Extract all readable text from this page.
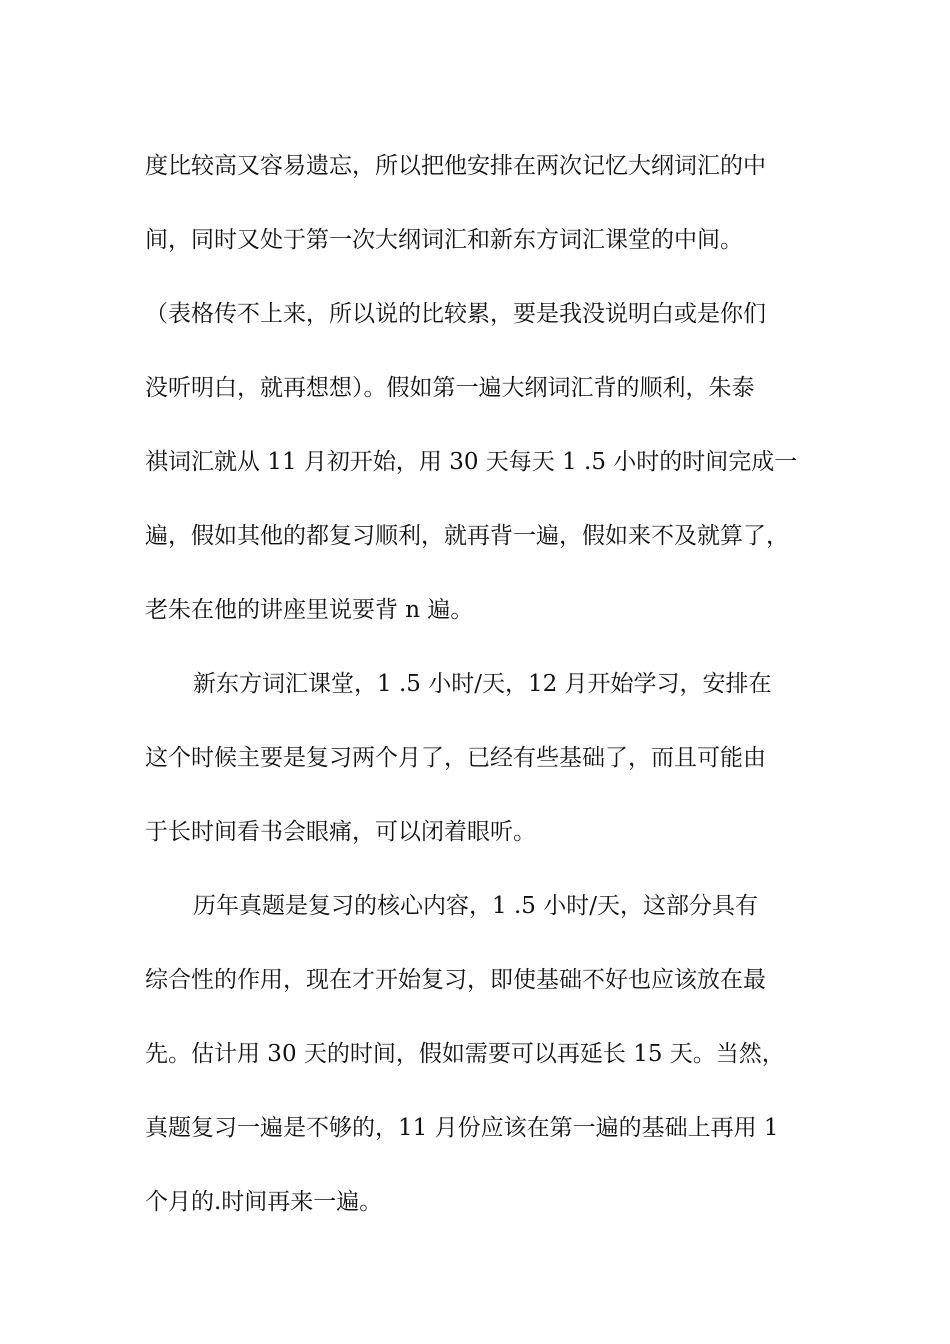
度比较高又容易遗忘，所以把他安排在两次记忆大纲词汇的中
间，同时又处于第一次大纲词汇和新东方词汇课堂的中间。
（表格传不上来，所以说的比较累，要是我没说明白或是你们
没听明白，就再想想）。假如第一遍大纲词汇背的顺利，朱泰
祺词汇就从 11 月初开始，用 30 天每天 1 .5 小时的时间完成一
遍，假如其他的都复习顺利，就再背一遍，假如来不及就算了，
老朱在他的讲座里说要背 n 遍。
新东方词汇课堂，1 .5 小时/天，12 月开始学习，安排在
这个时候主要是复习两个月了，已经有些基础了，而且可能由
于长时间看书会眼痛，可以闭着眼听。
历年真题是复习的核心内容，1 .5 小时/天，这部分具有
综合性的作用，现在才开始复习，即使基础不好也应该放在最
先。估计用 30 天的时间，假如需要可以再延长 15 天。当然，
真题复习一遍是不够的，11 月份应该在第一遍的基础上再用 1
个月的.时间再来一遍。
